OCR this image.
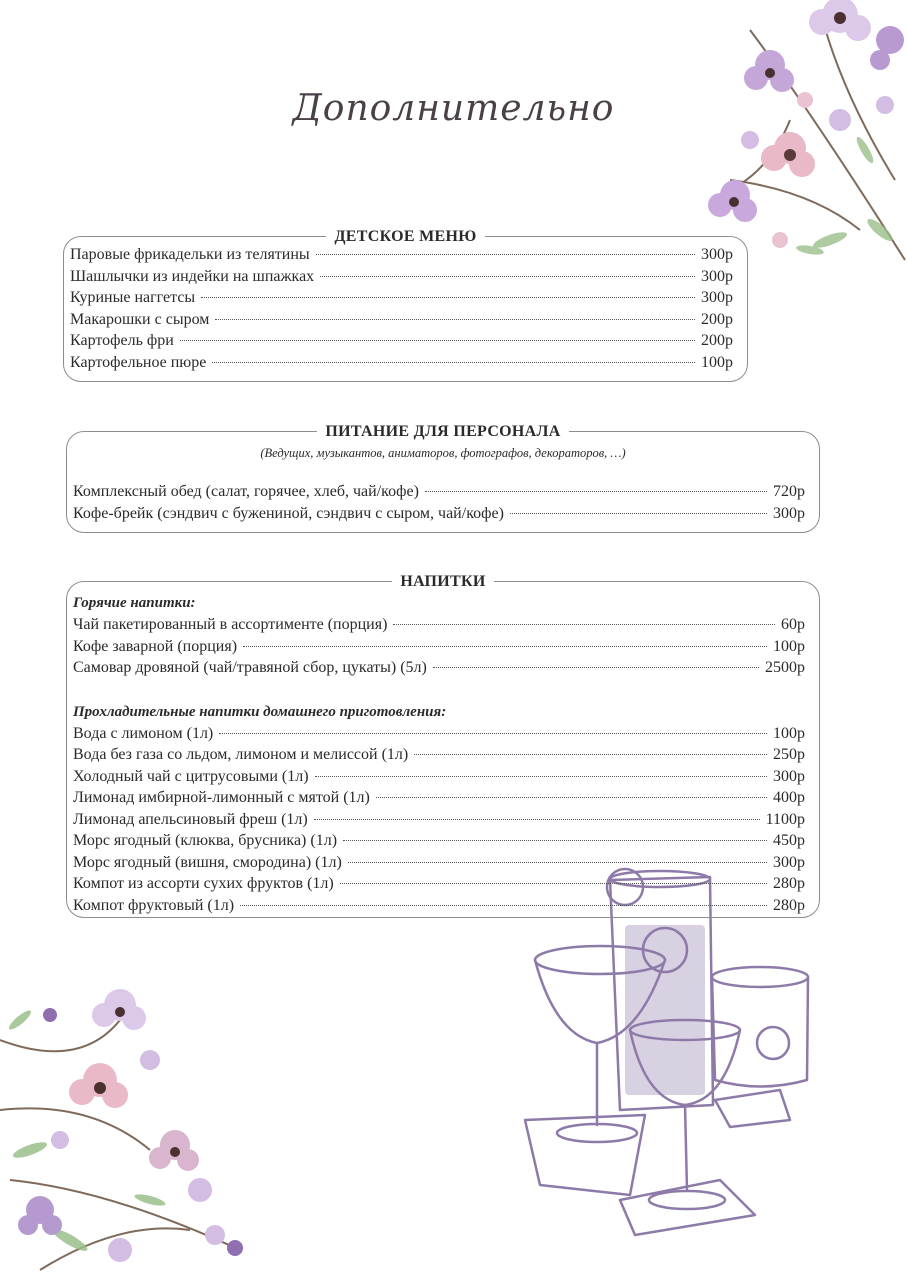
Дополнительно
ДЕТСКОЕ МЕНЮ
Паровые фрикадельки из телятины	300р
Шашлычки из индейки на шпажках	300р
Куриные наггетсы	300р
Макарошки с сыром	200р
Картофель фри	200р
Картофельное пюре	100р
ПИТАНИЕ ДЛЯ ПЕРСОНАЛА
(Ведущих, музыкантов, аниматоров, фотографов, декораторов, …)
Комплексный обед (салат, горячее, хлеб, чай/кофе)	720р
Кофе-брейк (сэндвич с бужениной, сэндвич с сыром, чай/кофе)	300р
НАПИТКИ
Горячие напитки:
Чай пакетированный в ассортименте (порция)	60р
Кофе заварной (порция)	100р
Самовар дровяной (чай/травяной сбор, цукаты) (5л)	2500р
Прохладительные напитки домашнего приготовления:
Вода с лимоном (1л)	100р
Вода без газа со льдом, лимоном и мелиссой (1л)	250р
Холодный чай с цитрусовыми (1л)	300р
Лимонад имбирной-лимонный с мятой (1л)	400р
Лимонад апельсиновый фреш (1л)	1100р
Морс ягодный (клюква, брусника) (1л)	450р
Морс ягодный (вишня, смородина) (1л)	300р
Компот из ассорти сухих фруктов (1л)	280р
Компот фруктовый (1л)	280р
